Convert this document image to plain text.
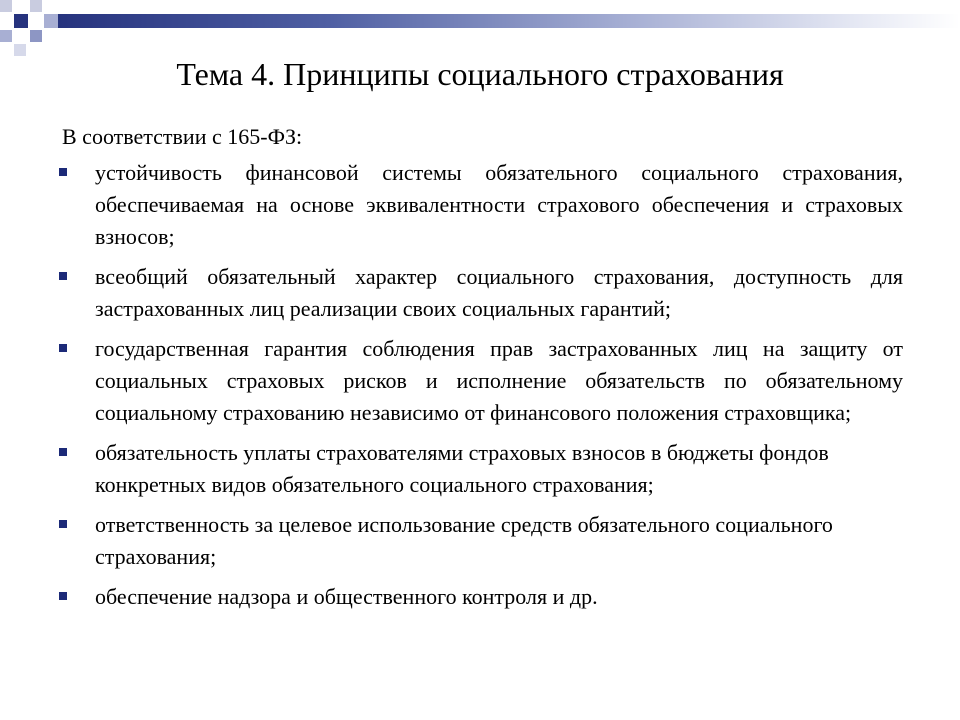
Тема 4. Принципы социального страхования

В соответствии с 165-ФЗ:

устойчивость финансовой системы обязательного социального страхования, обеспечиваемая на основе эквивалентности страхового обеспечения и страховых взносов;
всеобщий обязательный характер социального страхования, доступность для застрахованных лиц реализации своих социальных гарантий;
государственная гарантия соблюдения прав застрахованных лиц на защиту от социальных страховых рисков и исполнение обязательств по обязательному социальному страхованию независимо от финансового положения страховщика;
обязательность уплаты страхователями страховых взносов в бюджеты фондов конкретных видов обязательного социального страхования;
ответственность за целевое использование средств обязательного социального страхования;
обеспечение надзора и общественного контроля и др.
